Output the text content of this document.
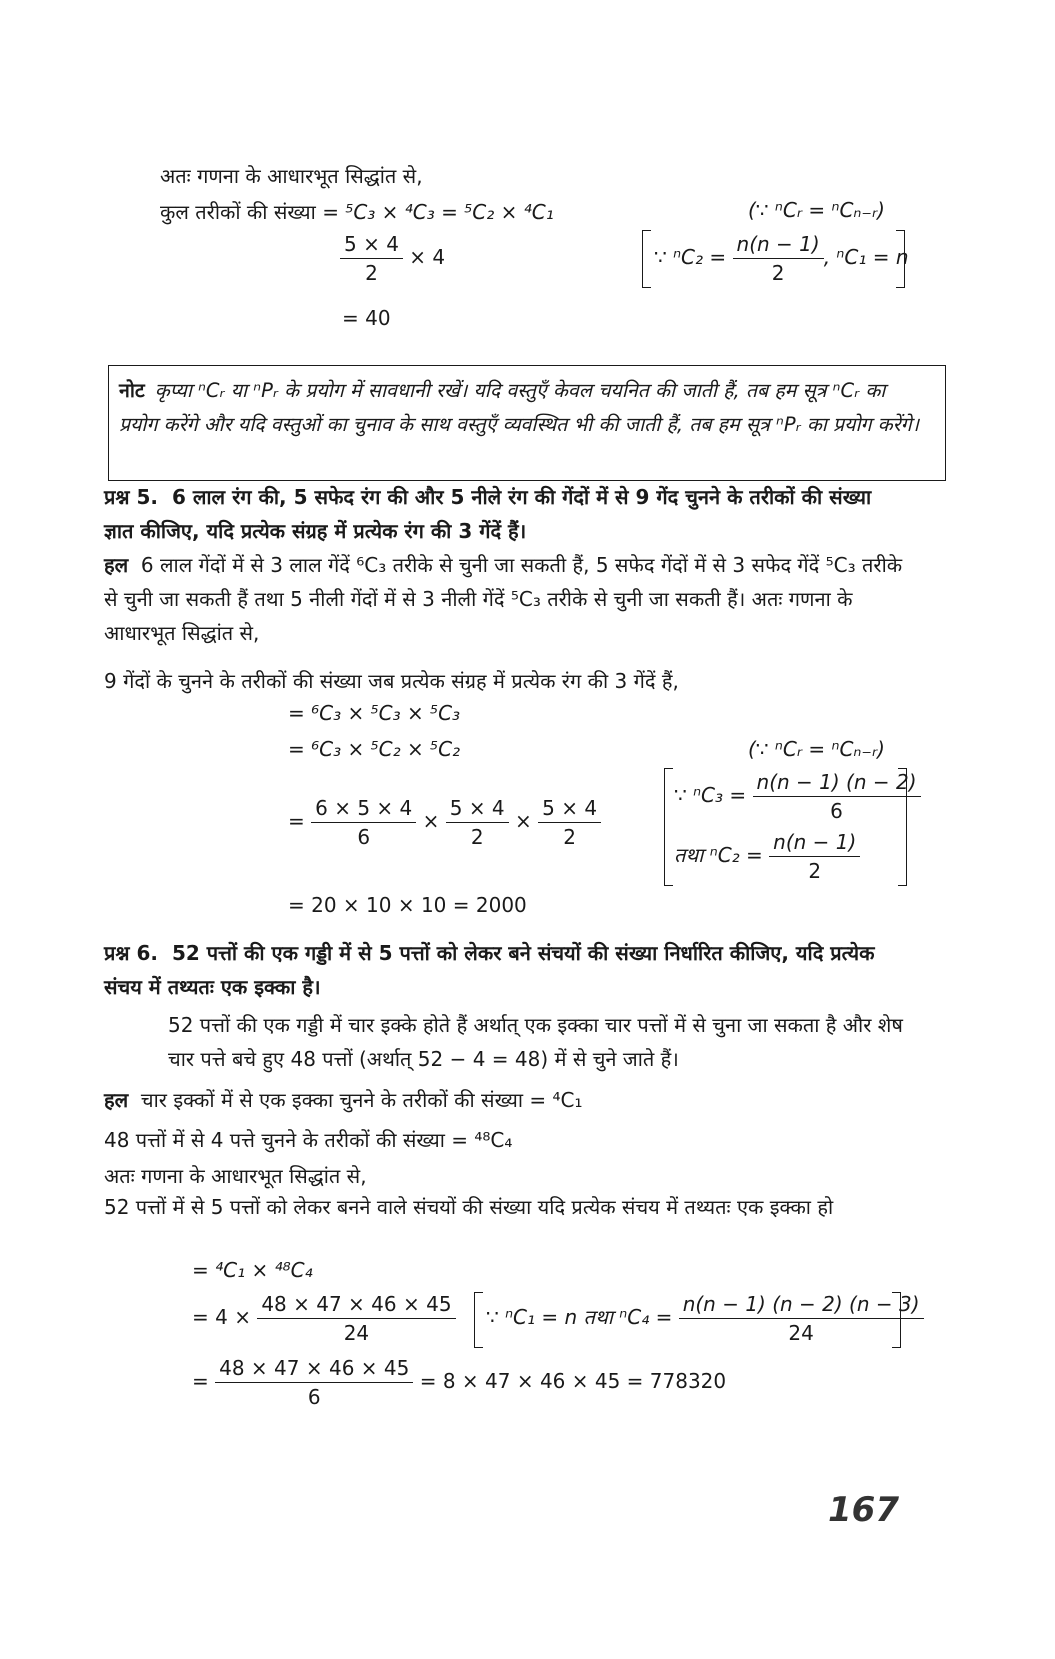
अतः गणना के आधारभूत सिद्धांत से,
कुल तरीकों की संख्या = ⁵C₃ × ⁴C₃ = ⁵C₂ × ⁴C₁	(∵ ⁿCᵣ = ⁿCₙ₋ᵣ)
$\frac{5 \times 4}{2} \times 4$	∵ $^nC_2 = \frac{n(n - 1)}{2}$ , ⁿC₁ = n
= 40
नोट कृप्या ⁿCᵣ या ⁿPᵣ के प्रयोग में सावधानी रखें। यदि वस्तुएँ केवल चयनित की जाती हैं, तब हम सूत्र ⁿCᵣ का प्रयोग करेंगे और यदि वस्तुओं का चुनाव के साथ वस्तुएँ व्यवस्थित भी की जाती हैं, तब हम सूत्र ⁿPᵣ का प्रयोग करेंगे।
प्रश्न 5. 6 लाल रंग की, 5 सफेद रंग की और 5 नीले रंग की गेंदों में से 9 गेंद चुनने के तरीकों की संख्या ज्ञात कीजिए, यदि प्रत्येक संग्रह में प्रत्येक रंग की 3 गेंदें हैं।
हल 6 लाल गेंदों में से 3 लाल गेंदें ⁶C₃ तरीके से चुनी जा सकती हैं, 5 सफेद गेंदों में से 3 सफेद गेंदें ⁵C₃ तरीके से चुनी जा सकती हैं तथा 5 नीली गेंदों में से 3 नीली गेंदें ⁵C₃ तरीके से चुनी जा सकती हैं। अतः गणना के आधारभूत सिद्धांत से,
9 गेंदों के चुनने के तरीकों की संख्या जब प्रत्येक संग्रह में प्रत्येक रंग की 3 गेंदें हैं,
= ⁶C₃ × ⁵C₃ × ⁵C₃
= ⁶C₃ × ⁵C₂ × ⁵C₂	(∵ ⁿCᵣ = ⁿCₙ₋ᵣ)
= $\frac{6 \times 5 \times 4}{6} \times \frac{5 \times 4}{2} \times \frac{5 \times 4}{2}$
∵ $^nC_3 = \frac{n(n - 1) (n - 2)}{6}$
तथा $^nC_2 = \frac{n(n - 1)}{2}$
= 20 × 10 × 10 = 2000
प्रश्न 6. 52 पत्तों की एक गड्डी में से 5 पत्तों को लेकर बने संचयों की संख्या निर्धारित कीजिए, यदि प्रत्येक संचय में तथ्यतः एक इक्का है।
52 पत्तों की एक गड्डी में चार इक्के होते हैं अर्थात् एक इक्का चार पत्तों में से चुना जा सकता है और शेष चार पत्ते बचे हुए 48 पत्तों (अर्थात् 52 − 4 = 48) में से चुने जाते हैं।
हल चार इक्कों में से एक इक्का चुनने के तरीकों की संख्या = ⁴C₁
48 पत्तों में से 4 पत्ते चुनने के तरीकों की संख्या = ⁴⁸C₄
अतः गणना के आधारभूत सिद्धांत से,
52 पत्तों में से 5 पत्तों को लेकर बनने वाले संचयों की संख्या यदि प्रत्येक संचय में तथ्यतः एक इक्का हो
= ⁴C₁ × ⁴⁸C₄
= $4 \times \frac{48 \times 47 \times 46 \times 45}{24}$ ∵ ⁿC₁ = n तथा $^nC_4 = \frac{n(n - 1) (n - 2) (n - 3)}{24}$
= $\frac{48 \times 47 \times 46 \times 45}{6} = 8 \times 47 \times 46 \times 45 = 778320$
167
